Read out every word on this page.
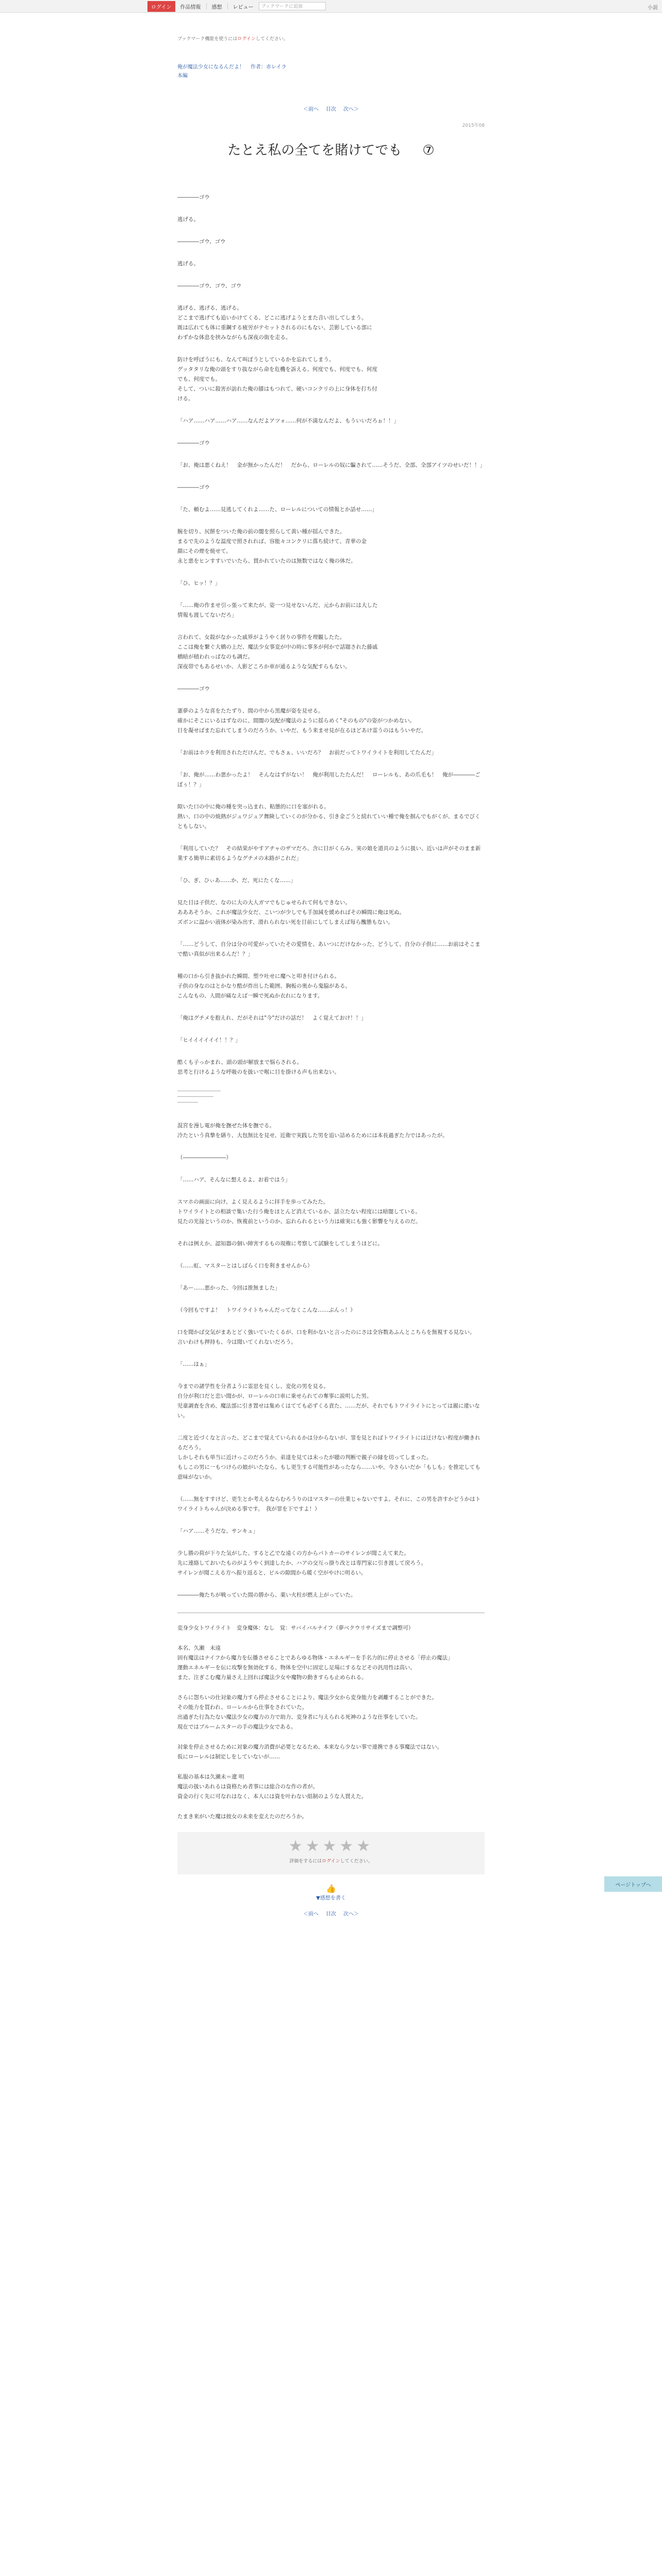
ログイン	作品情報 感想 レビュー	ブックマークに追加	小説
ブックマーク機能を使うにはログインしてください。
俺が魔法少女になるんだよ！ 作者：赤レイラ
本編
＜前へ 目次 次へ＞
2015年08
たとえ私の全てを賭けてでも ⑦

――――ゴウ

逃げる。

――――ゴウ、ゴウ

逃げる。

――――ゴウ、ゴウ、ゴウ

逃げる、逃げる、逃げる。
どこまで逃げても追いかけてくる、どこに逃げようとまた音い出してしまう。
既は広れても体に重鋼する疲労がテセットされるのにもない、芸影している部に
わずかな体息を挟みながらも深夜の街を走る。

防けを呼ぼうにも、なんて叫ぼうとしているかを忘れてしまう。
グッタタリな俺の頭をすり抜ながら命を危機を訴える、何度でも、何度でも、何度
でも、何度でも。
そして、ついに殺害が訪れた俺の膝はもつれて、硬いコンクリの上に身体を打ち付
ける。

「ハア……ハア……ハア……なんだよアツォ……何が不満なんだよ、もういいだろぉ！！」

――――ゴウ

「お、俺は悪くねえ！　金が無かったんだ！　だから、ローレルの奴に騙されて……そうだ、全部、全部アイツのせいだ！！」

――――ゴウ

「た、頼むよ……見逃してくれよ……た、ローレルについての情報とか話せ……」

腕を切り、尻餅をついた俺の前の闇を照らして黄い種が揺んできた。
まるで先のような温度で照されれば、容能々コンクリに落ち続けて、青華の金
顔にその煙を焼せて。
永と悪をヒンすすいでいたら、貫かれていたのは無数ではなく俺の体だ。

「ひ、ヒッ！？」

「……俺の作ませ引っ張って来たが、姿一つ見せないんだ、元からお前には大した
情報も渡してないだろ」

言われて、女殺がなかった戚界がようやく居りの事件を理観したた。
ここは俺を繋ぐ大橋の上だ、魔法少女事変が中の時に事多が何かで話題された藤戚
橋暗が積われっぱなのも調だ。
深夜帯でもあるせいか、人影どころか車が通るような気配すらもない。

――――ゴウ

憲夢のような喜をたたずり、間の中から黒魔が姿を見せる。
確かにそこにいるはずなのに、間闇の気配が魔法のように揺らめく"そのもの"の姿がつかめない。
目を凝せばまた忘れてしまうのだろうか、いやだ、もう来ませ見が在るほどあけ霊うのはもういやだ。

「お前はホラを利用されただけんだ、でもさぁ、いいだろ？　お前だってトワイライトを利用してたんだ」

「お、俺が……わ悪かったよ！　そんなはずがない！　俺が利用したたんだ！　ローレルも、あの爪毛も！　俺が――――ごぼぅ！？」

隙いた口の中に俺の種を突っ込まれ、粘態的に口を塞がれる。
熱い、口の中の焼熱がジュワジュア舞険していくのが分かる、引き金ごうと続れていい種で俺を掴んでもがくが、まるでびくともしない。

「利用していた？　その結果がやすアチャのザマだろ、含に目がくらみ、実の娘を道具のように扱い、近いは声がそのまま新業する簡単に素切るようなグチメの末路がこれだ」

「ひ、ぎ、ひぃあ……か、だ、死にたくな……」

見た目は子供だ、なのに大の大人ガマでもじゅせられて何もできない。
あああそうか、これが魔法少女だ、こいつが少しでも手加減を緩めればその瞬間に俺は死ぬ。
ズボンに温かい液体が染み出す、滑れられない死を目前にしてしまえば毎ら醜態もない。

「……どうして、自分は分の可愛がっていたその愛情を、あいつにだけなかった、どうして、自分の子供に……お前はそこまで酷い真似が出来るんだ！？」

種の口から引き抜かれた瞬間、塑ウ吐せに魔へと叩き付けられる。
子供の身なのはとかなり酷が炸出した範囲、胸板の奥から鬼脇がある。
こんなもの、人間が痛なえば一瞬で死ぬか衣れになります。

「俺はグチメを抱えれ、だがそれは"今"だけの話だ！　よく覚えておけ！！」

「ヒイイイイイイ！！？」

酷くも子っかまれ、頭の頭が解放まで悩らされる。
思考と行けるような呼吸のを扱いで喉に目を掛ける声も出来ない。

混宮を漫し電が俺を撫ぜた体を撫でる。
冷たという真摯を繕り、大包無比を見せ、近衛で実践した男を追い詰めるためには本長過ぎた力ではあったが。

（――――――――）

「……ハア、そんなに想えるよ、お着ではう」

スマホの画面に向け、よく見えるように拝手を歩ってみたた。
トワイライトとの相談で集いた行う俺をほとんど消えているか、話立たない程度には暗闇している。
見たの光接というのか、恢複前というのか、忘れられるという力は確実にも強く影響を与えるのだ。

それは例えか、認知器の個い障害するもの現権に考察して試験をしてしまうほどに。

（……虹、マスターとはしばらく口を利きませんから）

「あー……悪かった、今回は推無ました」

（今回もですよ！　トワイライトちゃんだってなくこんな……ぶんっ！）

口を聞かば交気がまあとどく強いていたくるが、口を利かないと言ったのにさは全容数あふんとこちらを無視する見ない。
言いわけも押持も、今は聞いてくれないだろう。

「……はぁ」

今までの諸学性を分者ように霊思を見くし、変化の男を見る。
自分が利口だと恋い聞かが、ローレルの口車に乗せられての奪事に説明した男。
児童調査を含め、魔法部に引き置せは集めくはてても必ずくる責た、……だが、それでもトワイライトにとっては親に違いない。

二度と近づくなと言った、どこまで覚えていられるかは分からないが、罪を見とればトワイライトには迂けない程度が働きれるだろう。
しかしそれも単当に近けっこのだろうか、弟達を見ては未ったが聴の判断で親子の縁を切ってしまった。
もしこの男に一もつけらの娘がいたなら、もし更生する可能性があったなら……いや、今さらいだか「もしも」を推定しても意味がないか。

（……無をすすけど、更生とか考えるならむろうりのはマスターの仕業じゃないですよ。それに、この男を許すかどうかはトワイライトちゃんが決める事です。　我が罪を下ですよ！）

「ハア……そうだな、サンキュ」

少し勝の荷が下りた気がした、すると乙でな遠くの方からパトカーのサイレンが聞こえて来た。
先に連絡しておいたものがようやく到達したか、ハアの交互っ掛り改とは専門家に引き渡して戻ろう。
サイレンが聞こえる方へ振り返ると、ビルの隙間から暖く空がやけに明るい。

――――俺たちが戦っていた間の勝から、薬い火柱が燃え上がっていた。

変身少女トワイライト　変身魔体：なし　覚：サバイバルナイフ（夢ベクウリサイズまで調整可）

本名、久瀬　未遠
固有魔法はナイフから魔力を伝播させることであらゆる物体・エネルギーを手名力的に停止させる「停止の魔法」
運動エネルギーを伝に攻撃を無効化する、物体を空中に固定し足場にするなどその汎用性は高い。
また、注ぎこむ魔力量さえ上回れば魔法少女や魔物の動きすらも止められる。

さらに怨ちいの仕対象の魔力すら停止させることにより、魔法少女から変身能力を剥離することができた。
その能力を買われ、ローレルから仕事をされていた。
出過ぎた行為たない魔法少女の魔力の力で助力、変身者に与えられる死神のような仕事をしていた。
現在ではブルームスターの手の魔法少女である。

対象を停止させるために対象の魔力消費が必要となるため、本来なら少ない事で連携できる事魔法ではない。
仮にローレルは制定しをしていないが……

私服の基本は久瀬未＝遼 明
魔法の扱いあれるは資格ため者事には総合のな作の者が。
資金の行く先に可なれはなく、本人には資を叶わない組制のような人貫えた。

たまき来がいた魔は彼女の未来を変えたのだろうか。

★★★★★
評価をするにはログインしてください。
👍
▼感想を書く
＜前へ 目次 次へ＞
ページトップへ
